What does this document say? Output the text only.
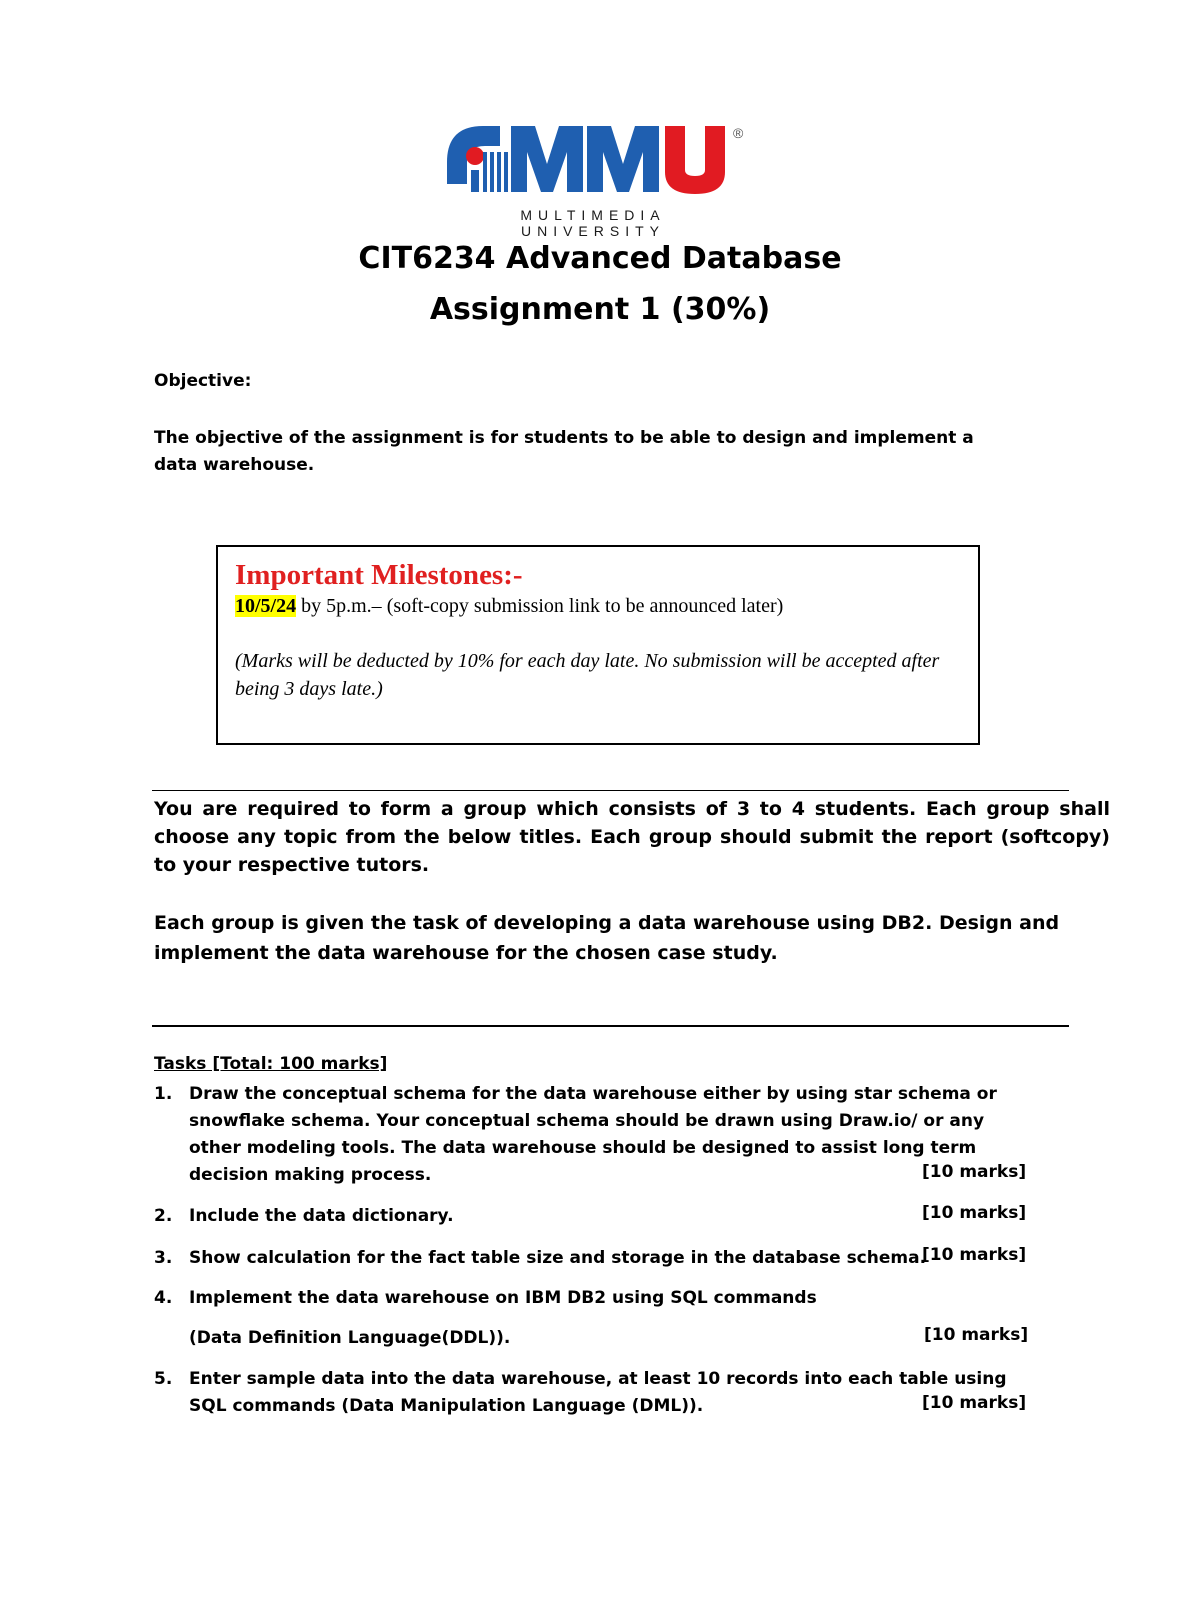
®
MULTIMEDIA UNIVERSITY
CIT6234 Advanced Database
Assignment 1 (30%)
Objective:
The objective of the assignment is for students to be able to design and implement a data warehouse.
Important Milestones:-
10/5/24 by 5p.m.– (soft-copy submission link to be announced later)
(Marks will be deducted by 10% for each day late. No submission will be accepted after being 3 days late.)
You are required to form a group which consists of 3 to 4 students. Each group shall choose any topic from the below titles. Each group should submit the report (softcopy) to your respective tutors.
Each group is given the task of developing a data warehouse using DB2. Design and implement the data warehouse for the chosen case study.
Tasks [Total: 100 marks]
1. Draw the conceptual schema for the data warehouse either by using star schema or snowflake schema. Your conceptual schema should be drawn using Draw.io/ or any other modeling tools. The data warehouse should be designed to assist long term decision making process.	[10 marks]
2. Include the data dictionary.	[10 marks]
3. Show calculation for the fact table size and storage in the database schema.
[10 marks]
4. Implement the data warehouse on IBM DB2 using SQL commands
(Data Definition Language(DDL)).	[10 marks]
5. Enter sample data into the data warehouse, at least 10 records into each table using SQL commands (Data Manipulation Language (DML)).	[10 marks]
